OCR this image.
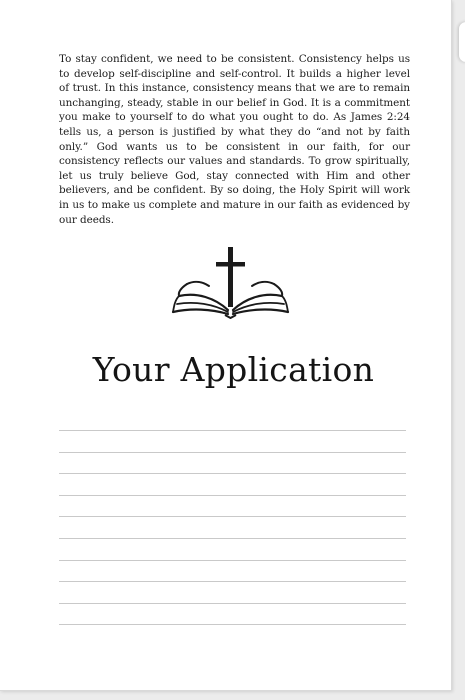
To stay confident, we need to be consistent. Consistency helps us to develop self-discipline and self-control. It builds a higher level of trust. In this instance, consistency means that we are to remain unchanging, steady, stable in our belief in God. It is a commitment you make to yourself to do what you ought to do. As James 2:24 tells us, a person is justified by what they do “and not by faith only.” God wants us to be consistent in our faith, for our consistency reflects our values and standards. To grow spiritually, let us truly believe God, stay connected with Him and other believers, and be confident. By so doing, the Holy Spirit will work in us to make us complete and mature in our faith as evidenced by our deeds.

Your Application
